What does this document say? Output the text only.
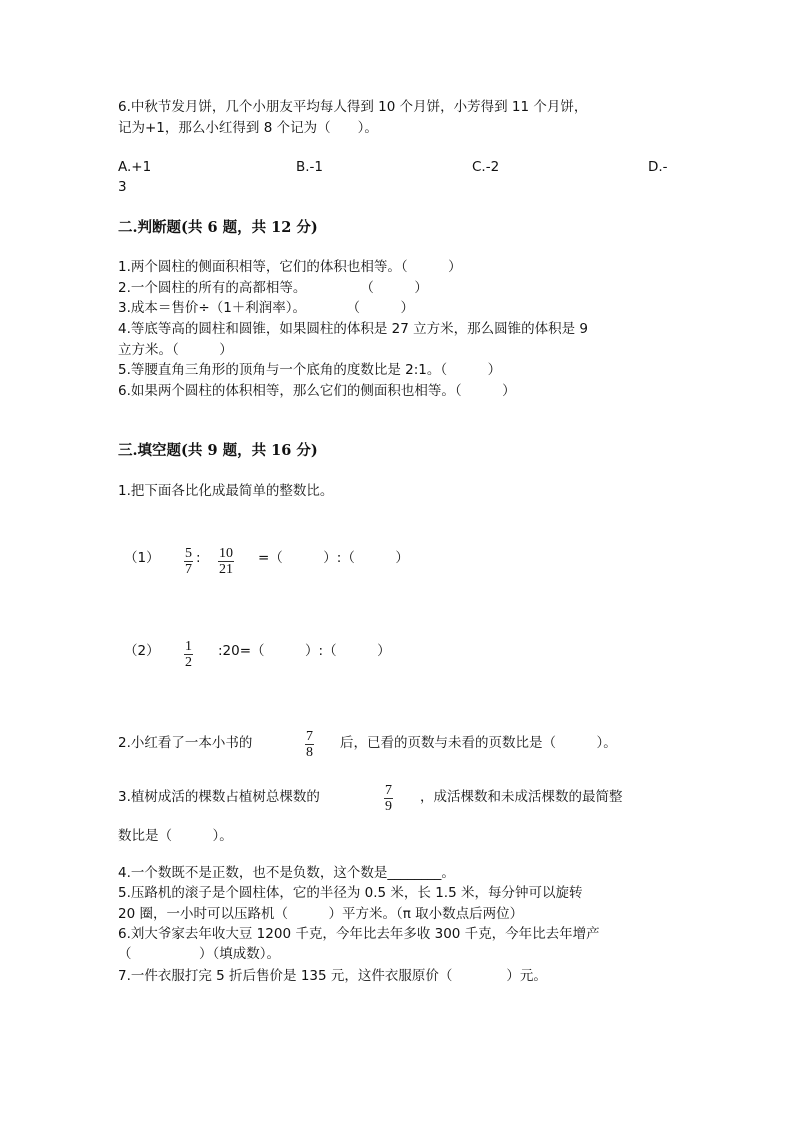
6.中秋节发月饼，几个小朋友平均每人得到 10 个月饼，小芳得到 11 个月饼，
记为+1，那么小红得到 8 个记为（　　）。
A.+1	B.-1	C.-2	D.-
3
二.判断题(共 6 题，共 12 分)
1.两个圆柱的侧面积相等，它们的体积也相等。（　　　）
2.一个圆柱的所有的高都相等。　　　　　（　　　）
3.成本＝售价÷（1＋利润率）。　　　　（　　　）
4.等底等高的圆柱和圆锥，如果圆柱的体积是 27 立方米，那么圆锥的体积是 9
立方米。（　　　）
5.等腰直角三角形的顶角与一个底角的度数比是 2:1。（　　　）
6.如果两个圆柱的体积相等，那么它们的侧面积也相等。（　　　）
三.填空题(共 9 题，共 16 分)
1.把下面各比化成最简单的整数比。
$(1) \frac{5}{7}$ : $\frac{10}{21}$ =（　　　）:（　　　）
$(2) \frac{1}{2}$ :20=（　　　）:（　　　）
2.小红看了一本小书的	$\frac{7}{8}$ 后，已看的页数与未看的页数比是（　　　）。
3.植树成活的棵数占植树总棵数的	$\frac{7}{9}$ ，成活棵数和未成活棵数的最简整
数比是（　　　）。
4.一个数既不是正数，也不是负数，这个数是________。
5.压路机的滚子是个圆柱体，它的半径为 0.5 米，长 1.5 米，每分钟可以旋转
20 圈，一小时可以压路机（　　　）平方米。（π 取小数点后两位）
6.刘大爷家去年收大豆 1200 千克，今年比去年多收 300 千克，今年比去年增产
（　　　　　）（填成数）。
7.一件衣服打完 5 折后售价是 135 元，这件衣服原价（　　　　）元。
